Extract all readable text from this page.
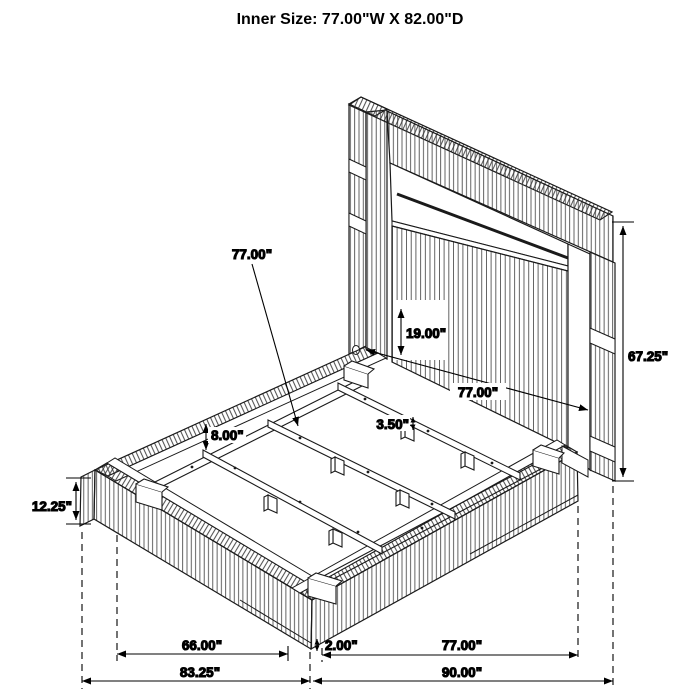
77.00"
19.00"
67.25"
77.00"
8.00"
3.50"
12.25"
2.00"
66.00"	77.00"
83.25"	90.00"
Inner Size: 77.00"W X 82.00"D
